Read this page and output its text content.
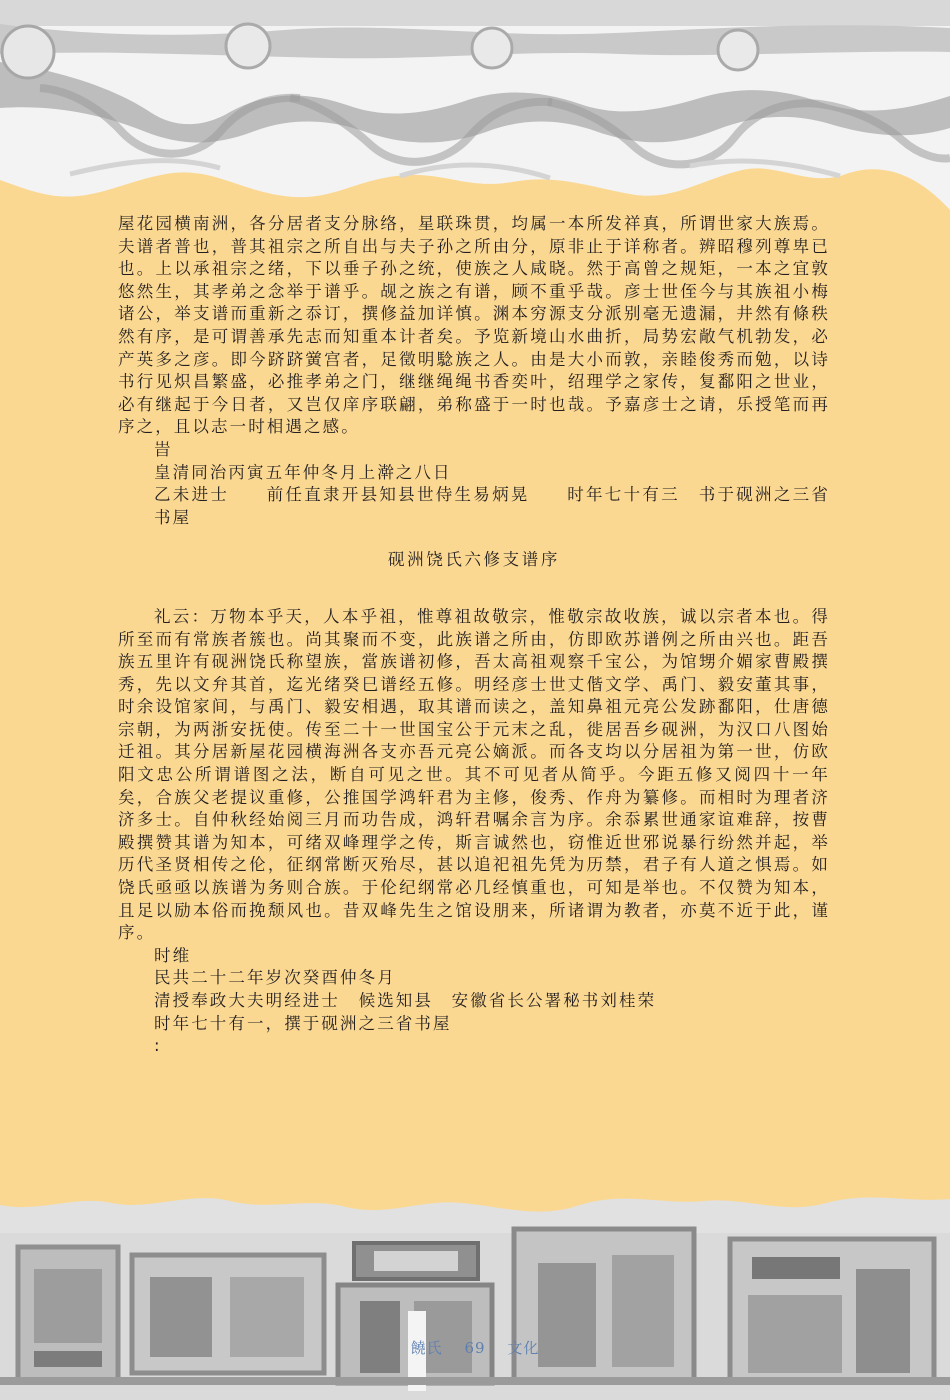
屋花园横南洲，各分居者支分脉络，星联珠贯，均属一本所发祥真，所谓世家大族焉。夫谱者普也，普其祖宗之所自出与夫子孙之所由分，原非止于详称者。辨昭穆列尊卑已也。上以承祖宗之绪，下以垂子孙之统，使族之人咸晓。然于高曾之规矩，一本之宜敦悠然生，其孝弟之念举于谱乎。觇之族之有谱，顾不重乎哉。彦士世侄今与其族祖小梅诸公，举支谱而重新之忝订，撰修益加详慎。渊本穷源支分派别毫无遗漏，井然有條秩然有序，是可谓善承先志而知重本计者矣。予览新境山水曲折，局势宏敞气机勃发，必产英多之彦。即今跻跻黉宫者，足徵明騐族之人。由是大小而敦，亲睦俊秀而勉，以诗书行见炽昌繁盛，必推孝弟之门，继继绳绳书香奕叶，绍理学之家传，复鄱阳之世业，必有继起于今日者，又岂仅庠序联翩，弟称盛于一时也哉。予嘉彦士之请，乐授笔而再序之，且以志一时相遇之感。

旹

皇清同治丙寅五年仲冬月上澣之八日

乙未进士　　前任直隶开县知县世侍生易炳晃　　时年七十有三　书于砚洲之三省书屋

砚洲饶氏六修支谱序

礼云：万物本乎天，人本乎祖，惟尊祖故敬宗，惟敬宗故收族，诚以宗者本也。得所至而有常族者簇也。尚其聚而不变，此族谱之所由，仿即欧苏谱例之所由兴也。距吾族五里许有砚洲饶氏称望族，當族谱初修，吾太高祖观察千宝公，为馆甥介媚家曹殿撰秀，先以文弁其首，迄光绪癸巳谱经五修。明经彦士世丈偕文学、禹门、毅安董其事，时余设馆家间，与禹门、毅安相遇，取其谱而读之，盖知鼻祖元亮公发跡鄱阳，仕唐德宗朝，为两浙安抚使。传至二十一世国宝公于元末之乱，徙居吾乡砚洲，为汉口八图始迁祖。其分居新屋花园横海洲各支亦吾元亮公嫡派。而各支均以分居祖为第一世，仿欧阳文忠公所谓谱图之法，断自可见之世。其不可见者从简乎。今距五修又阅四十一年矣，合族父老提议重修，公推国学鸿轩君为主修，俊秀、作舟为纂修。而相时为理者济济多士。自仲秋经始阅三月而功告成，鸿轩君嘱余言为序。余忝累世通家谊难辞，按曹殿撰赞其谱为知本，可绪双峰理学之传，斯言诚然也，窃惟近世邪说暴行纷然并起，举历代圣贤相传之伦，征纲常断灭殆尽，甚以追祀祖先凭为历禁，君子有人道之惧焉。如饶氏亟亟以族谱为务则合族。于伦纪纲常必几经慎重也，可知是举也。不仅赞为知本，且足以励本俗而挽颓风也。昔双峰先生之馆设朋来，所诸谓为教者，亦莫不近于此，谨序。

时维

民共二十二年岁次癸酉仲冬月

清授奉政大夫明经进士　候选知县　安徽省长公署秘书刘桂荣

时年七十有一，撰于砚洲之三省书屋

:

饒氏 69 文化
